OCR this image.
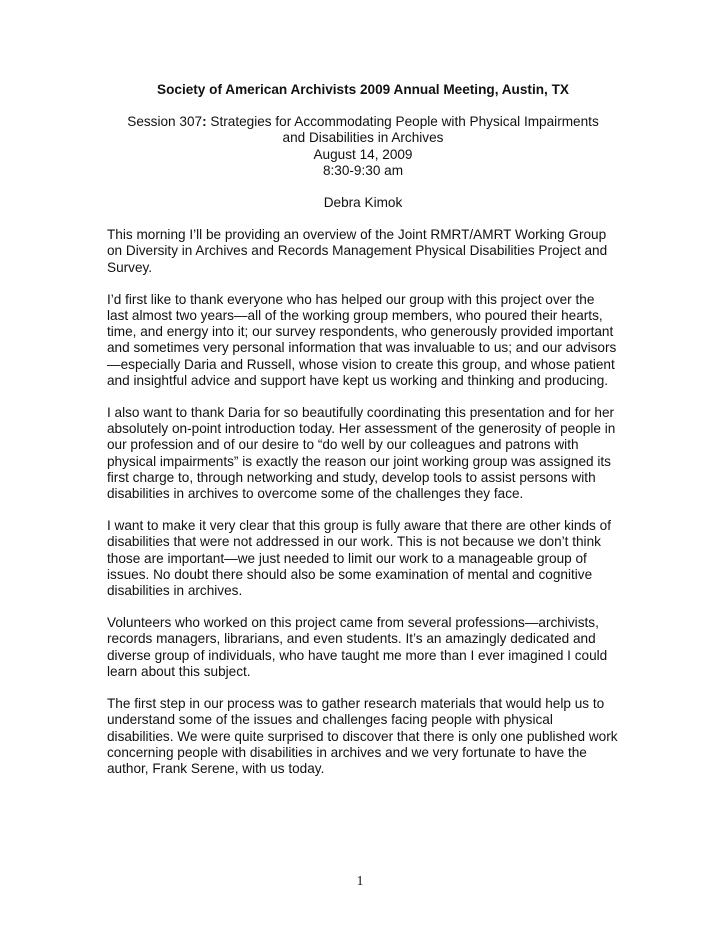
Society of American Archivists 2009 Annual Meeting, Austin, TX
Session 307: Strategies for Accommodating People with Physical Impairments
and Disabilities in Archives
August 14, 2009
8:30-9:30 am
Debra Kimok

This morning I’ll be providing an overview of the Joint RMRT/AMRT Working Group on Diversity in Archives and Records Management Physical Disabilities Project and Survey.

I’d first like to thank everyone who has helped our group with this project over the last almost two years—all of the working group members, who poured their hearts, time, and energy into it; our survey respondents, who generously provided important and sometimes very personal information that was invaluable to us; and our advisors—especially Daria and Russell, whose vision to create this group, and whose patient and insightful advice and support have kept us working and thinking and producing.

I also want to thank Daria for so beautifully coordinating this presentation and for her absolutely on-point introduction today. Her assessment of the generosity of people in our profession and of our desire to “do well by our colleagues and patrons with physical impairments” is exactly the reason our joint working group was assigned its first charge to, through networking and study, develop tools to assist persons with disabilities in archives to overcome some of the challenges they face.

I want to make it very clear that this group is fully aware that there are other kinds of disabilities that were not addressed in our work. This is not because we don’t think those are important—we just needed to limit our work to a manageable group of issues. No doubt there should also be some examination of mental and cognitive disabilities in archives.

Volunteers who worked on this project came from several professions—archivists, records managers, librarians, and even students. It’s an amazingly dedicated and diverse group of individuals, who have taught me more than I ever imagined I could learn about this subject.

The first step in our process was to gather research materials that would help us to understand some of the issues and challenges facing people with physical disabilities. We were quite surprised to discover that there is only one published work concerning people with disabilities in archives and we very fortunate to have the author, Frank Serene, with us today.

1
